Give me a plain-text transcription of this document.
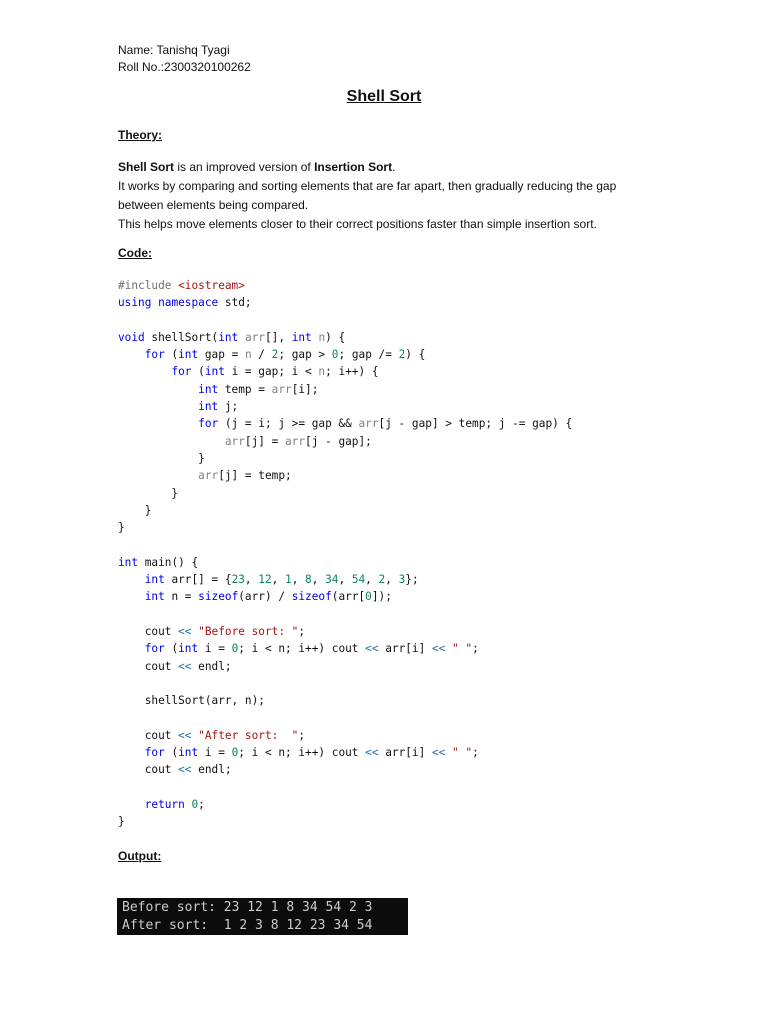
Name: Tanishq Tyagi
Roll No.:2300320100262
Shell Sort
Theory:

Shell Sort is an improved version of Insertion Sort.

It works by comparing and sorting elements that are far apart, then gradually reducing the gap

between elements being compared.

This helps move elements closer to their correct positions faster than simple insertion sort.

Code:
#include <iostream>
using namespace std;
void shellSort(int arr[], int n) {
for (int gap = n / 2; gap > 0; gap /= 2) {
for (int i = gap; i < n; i++) {
int temp = arr[i];
int j;
for (j = i; j >= gap && arr[j - gap] > temp; j -= gap) {
arr[j] = arr[j - gap];
}
arr[j] = temp;
}
}
}
int main() {
int arr[] = {23, 12, 1, 8, 34, 54, 2, 3};
int n = sizeof(arr) / sizeof(arr[0]);
cout << "Before sort: ";
for (int i = 0; i < n; i++) cout << arr[i] << " ";
cout << endl;
shellSort(arr, n);
cout << "After sort:  ";
for (int i = 0; i < n; i++) cout << arr[i] << " ";
cout << endl;
return 0;
}
Output:
Before sort: 23 12 1 8 34 54 2 3
After sort:  1 2 3 8 12 23 34 54
